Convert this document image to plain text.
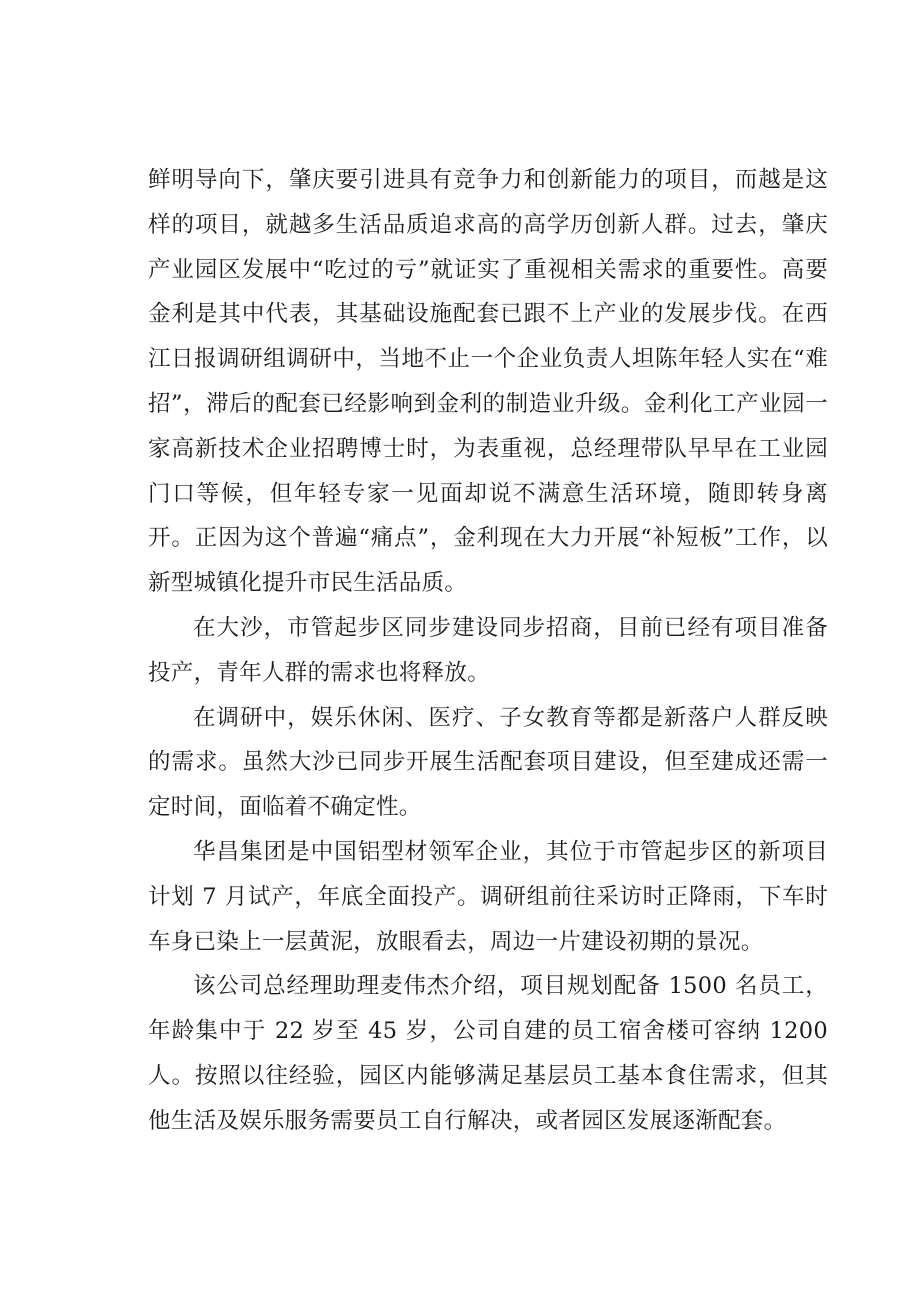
鲜明导向下，肇庆要引进具有竞争力和创新能力的项目，而越是这样的项目，就越多生活品质追求高的高学历创新人群。过去，肇庆产业园区发展中“吃过的亏”就证实了重视相关需求的重要性。高要金利是其中代表，其基础设施配套已跟不上产业的发展步伐。在西江日报调研组调研中，当地不止一个企业负责人坦陈年轻人实在“难招”，滞后的配套已经影响到金利的制造业升级。金利化工产业园一家高新技术企业招聘博士时，为表重视，总经理带队早早在工业园门口等候，但年轻专家一见面却说不满意生活环境，随即转身离开。正因为这个普遍“痛点”，金利现在大力开展“补短板”工作，以新型城镇化提升市民生活品质。

在大沙，市管起步区同步建设同步招商，目前已经有项目准备投产，青年人群的需求也将释放。

在调研中，娱乐休闲、医疗、子女教育等都是新落户人群反映的需求。虽然大沙已同步开展生活配套项目建设，但至建成还需一定时间，面临着不确定性。

华昌集团是中国铝型材领军企业，其位于市管起步区的新项目计划 7 月试产，年底全面投产。调研组前往采访时正降雨，下车时车身已染上一层黄泥，放眼看去，周边一片建设初期的景况。

该公司总经理助理麦伟杰介绍，项目规划配备 1500 名员工，年龄集中于 22 岁至 45 岁，公司自建的员工宿舍楼可容纳 1200 人。按照以往经验，园区内能够满足基层员工基本食住需求，但其他生活及娱乐服务需要员工自行解决，或者园区发展逐渐配套。
